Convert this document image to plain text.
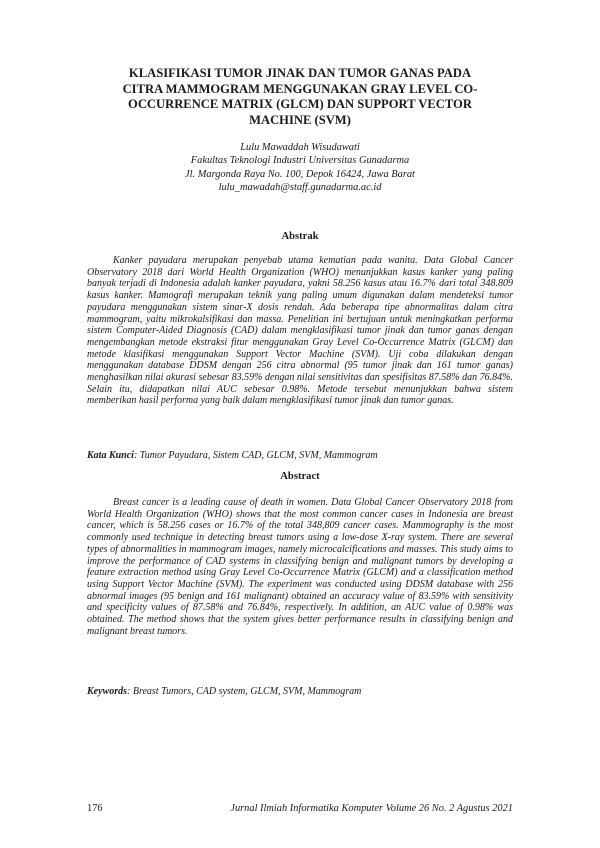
KLASIFIKASI TUMOR JINAK DAN TUMOR GANAS PADA
CITRA MAMMOGRAM MENGGUNAKAN GRAY LEVEL CO-
OCCURRENCE MATRIX (GLCM) DAN SUPPORT VECTOR
MACHINE (SVM)
Lulu Mawaddah Wisudawati
Fakultas Teknologi Industri Universitas Gunadarma
Jl. Margonda Raya No. 100, Depok 16424, Jawa Barat
lulu_mawadah@staff.gunadarma.ac.id
Abstrak

Kanker payudara merupakan penyebab utama kematian pada wanita. Data Global Cancer Observatory 2018 dari World Health Organization (WHO) menunjukkan kasus kanker yang paling banyak terjadi di Indonesia adalah kanker payudara, yakni 58.256 kasus atau 16.7% dari total 348.809 kasus kanker. Mamografi merupakan teknik yang paling umum digunakan dalam mendeteksi tumor payudara menggunakan sistem sinar-X dosis rendah. Ada beberapa tipe abnormalitas dalam citra mammogram, yaitu mikrokalsifikasi dan massa. Penelitian ini bertujuan untuk meningkatkan performa sistem Computer-Aided Diagnosis (CAD) dalam mengklasifikasi tumor jinak dan tumor ganas dengan mengembangkan metode ekstraksi fitur menggunakan Gray Level Co-Occurrence Matrix (GLCM) dan metode klasifikasi menggunakan Support Vector Machine (SVM). Uji coba dilakukan dengan menggunakan database DDSM dengan 256 citra abnormal (95 tumor jinak dan 161 tumor ganas) menghasilkan nilai akurasi sebesar 83.59% dengan nilai sensitivitas dan spesifisitas 87.58% dan 76.84%. Selain itu, didapatkan nilai AUC sebesar 0.98%. Metode tersebut menunjukkan bahwa sistem memberikan hasil performa yang baik dalam mengklasifikasi tumor jinak dan tumor ganas.

Kata Kunci: Tumor Payudara, Sistem CAD, GLCM, SVM, Mammogram
Abstract

Breast cancer is a leading cause of death in women. Data Global Cancer Observatory 2018 from World Health Organization (WHO) shows that the most common cancer cases in Indonesia are breast cancer, which is 58.256 cases or 16.7% of the total 348,809 cancer cases. Mammography is the most commonly used technique in detecting breast tumors using a low-dose X-ray system. There are several types of abnormalities in mammogram images, namely microcalcifications and masses. This study aims to improve the performance of CAD systems in classifying benign and malignant tumors by developing a feature extraction method using Gray Level Co-Occurrence Matrix (GLCM) and a classification method using Support Vector Machine (SVM). The experiment was conducted using DDSM database with 256 abnormal images (95 benign and 161 malignant) obtained an accuracy value of 83.59% with sensitivity and specificity values of 87.58% and 76.84%, respectively. In addition, an AUC value of 0.98% was obtained. The method shows that the system gives better performance results in classifying benign and malignant breast tumors.

Keywords: Breast Tumors, CAD system, GLCM, SVM, Mammogram
176	Jurnal Ilmiah Informatika Komputer Volume 26 No. 2 Agustus 2021
